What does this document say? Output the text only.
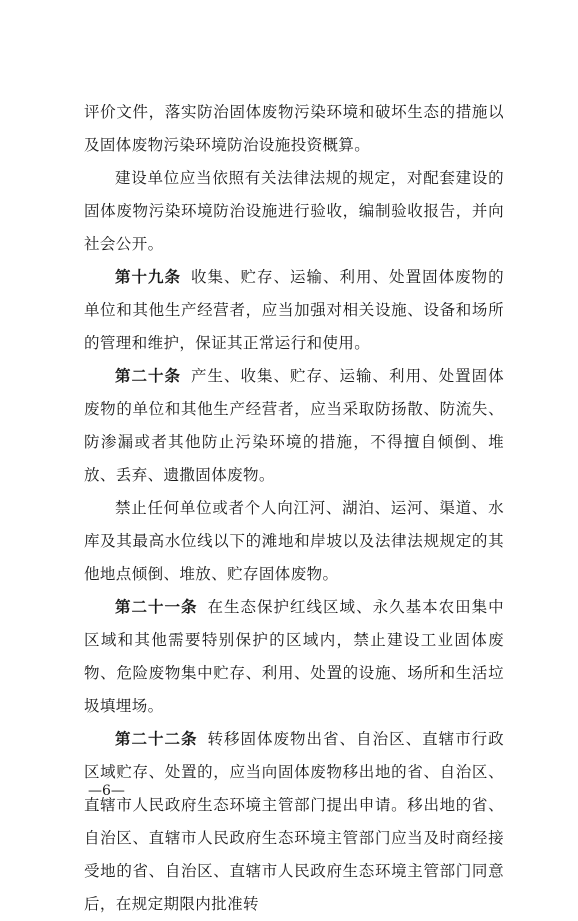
评价文件，落实防治固体废物污染环境和破坏生态的措施以及固体废物污染环境防治设施投资概算。

建设单位应当依照有关法律法规的规定，对配套建设的固体废物污染环境防治设施进行验收，编制验收报告，并向社会公开。

第十九条 收集、贮存、运输、利用、处置固体废物的单位和其他生产经营者，应当加强对相关设施、设备和场所的管理和维护，保证其正常运行和使用。

第二十条 产生、收集、贮存、运输、利用、处置固体废物的单位和其他生产经营者，应当采取防扬散、防流失、防渗漏或者其他防止污染环境的措施，不得擅自倾倒、堆放、丢弃、遗撒固体废物。

禁止任何单位或者个人向江河、湖泊、运河、渠道、水库及其最高水位线以下的滩地和岸坡以及法律法规规定的其他地点倾倒、堆放、贮存固体废物。

第二十一条 在生态保护红线区域、永久基本农田集中区域和其他需要特别保护的区域内，禁止建设工业固体废物、危险废物集中贮存、利用、处置的设施、场所和生活垃圾填埋场。

第二十二条 转移固体废物出省、自治区、直辖市行政区域贮存、处置的，应当向固体废物移出地的省、自治区、直辖市人民政府生态环境主管部门提出申请。移出地的省、自治区、直辖市人民政府生态环境主管部门应当及时商经接受地的省、自治区、直辖市人民政府生态环境主管部门同意后，在规定期限内批准转

—6—
